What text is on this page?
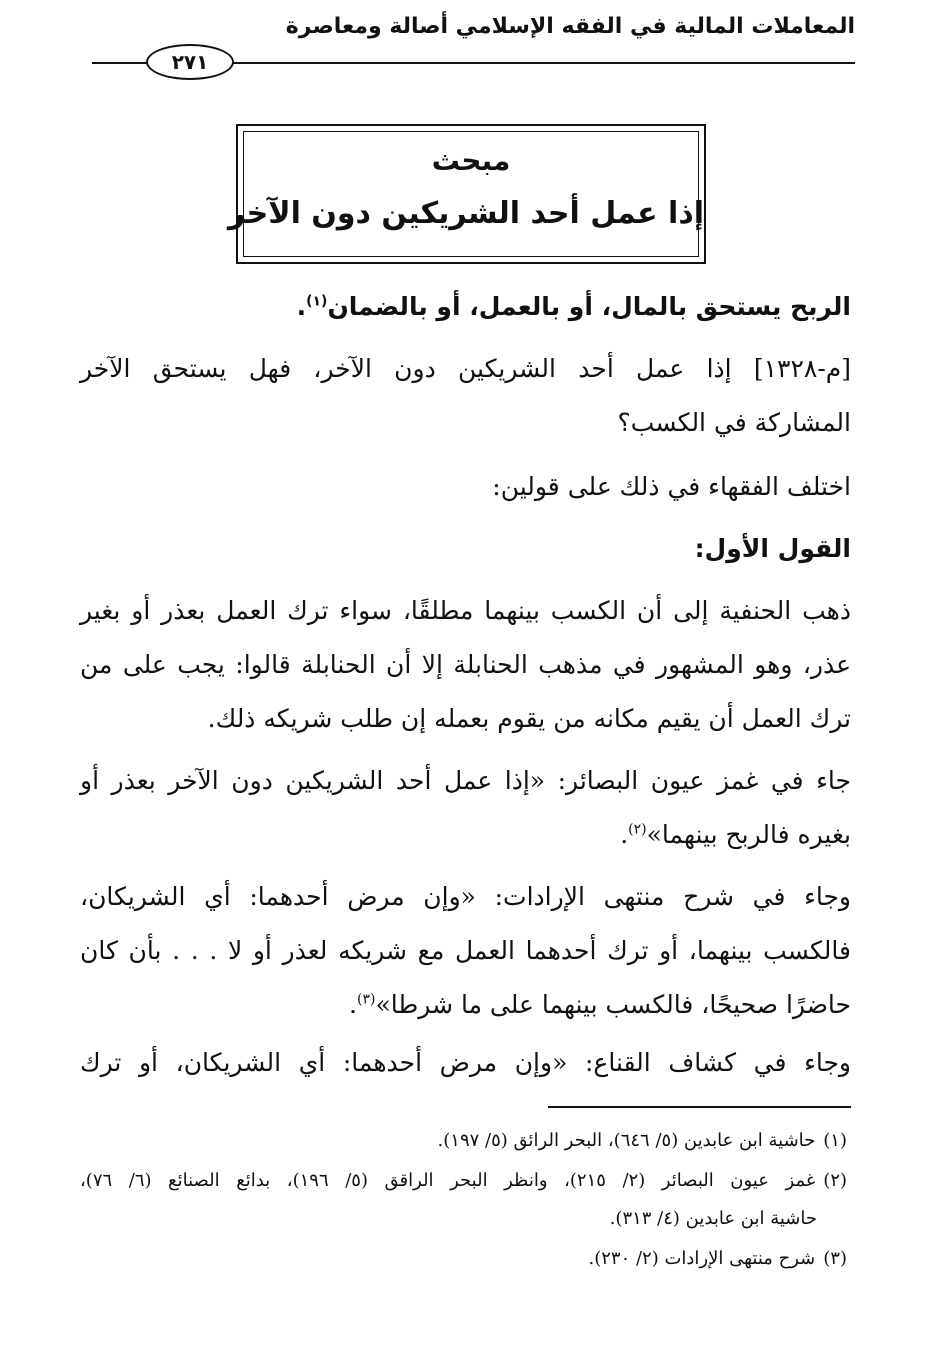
المعاملات المالية في الفقه الإسلامي أصالة ومعاصرة
٢٧١
مبحث
إذا عمل أحد الشريكين دون الآخر
الربح يستحق بالمال، أو بالعمل، أو بالضمان$^{(١)}$.
[م-١٣٢٨] إذا عمل أحد الشريكين دون الآخر، فهل يستحق الآخر
المشاركة في الكسب؟
اختلف الفقهاء في ذلك على قولين:
القول الأول:
ذهب الحنفية إلى أن الكسب بينهما مطلقًا، سواء ترك العمل بعذر أو بغير
عذر، وهو المشهور في مذهب الحنابلة إلا أن الحنابلة قالوا: يجب على من
ترك العمل أن يقيم مكانه من يقوم بعمله إن طلب شريكه ذلك.
جاء في غمز عيون البصائر: «إذا عمل أحد الشريكين دون الآخر بعذر أو
بغيره فالربح بينهما»$^{(٢)}$.
وجاء في شرح منتهى الإرادات: «وإن مرض أحدهما: أي الشريكان،
فالكسب بينهما، أو ترك أحدهما العمل مع شريكه لعذر أو لا . . . بأن كان
حاضرًا صحيحًا، فالكسب بينهما على ما شرطا»$^{(٣)}$.
وجاء في كشاف القناع: «وإن مرض أحدهما: أي الشريكان، أو ترك
(١)حاشية ابن عابدين (٥/ ٦٤٦)، البحر الرائق (٥/ ١٩٧).
(٢)غمز عيون البصائر (٢/ ٢١٥)، وانظر البحر الراقق (٥/ ١٩٦)، بدائع الصنائع (٦/ ٧٦)،
حاشية ابن عابدين (٤/ ٣١٣).
(٣)شرح منتهى الإرادات (٢/ ٢٣٠).
